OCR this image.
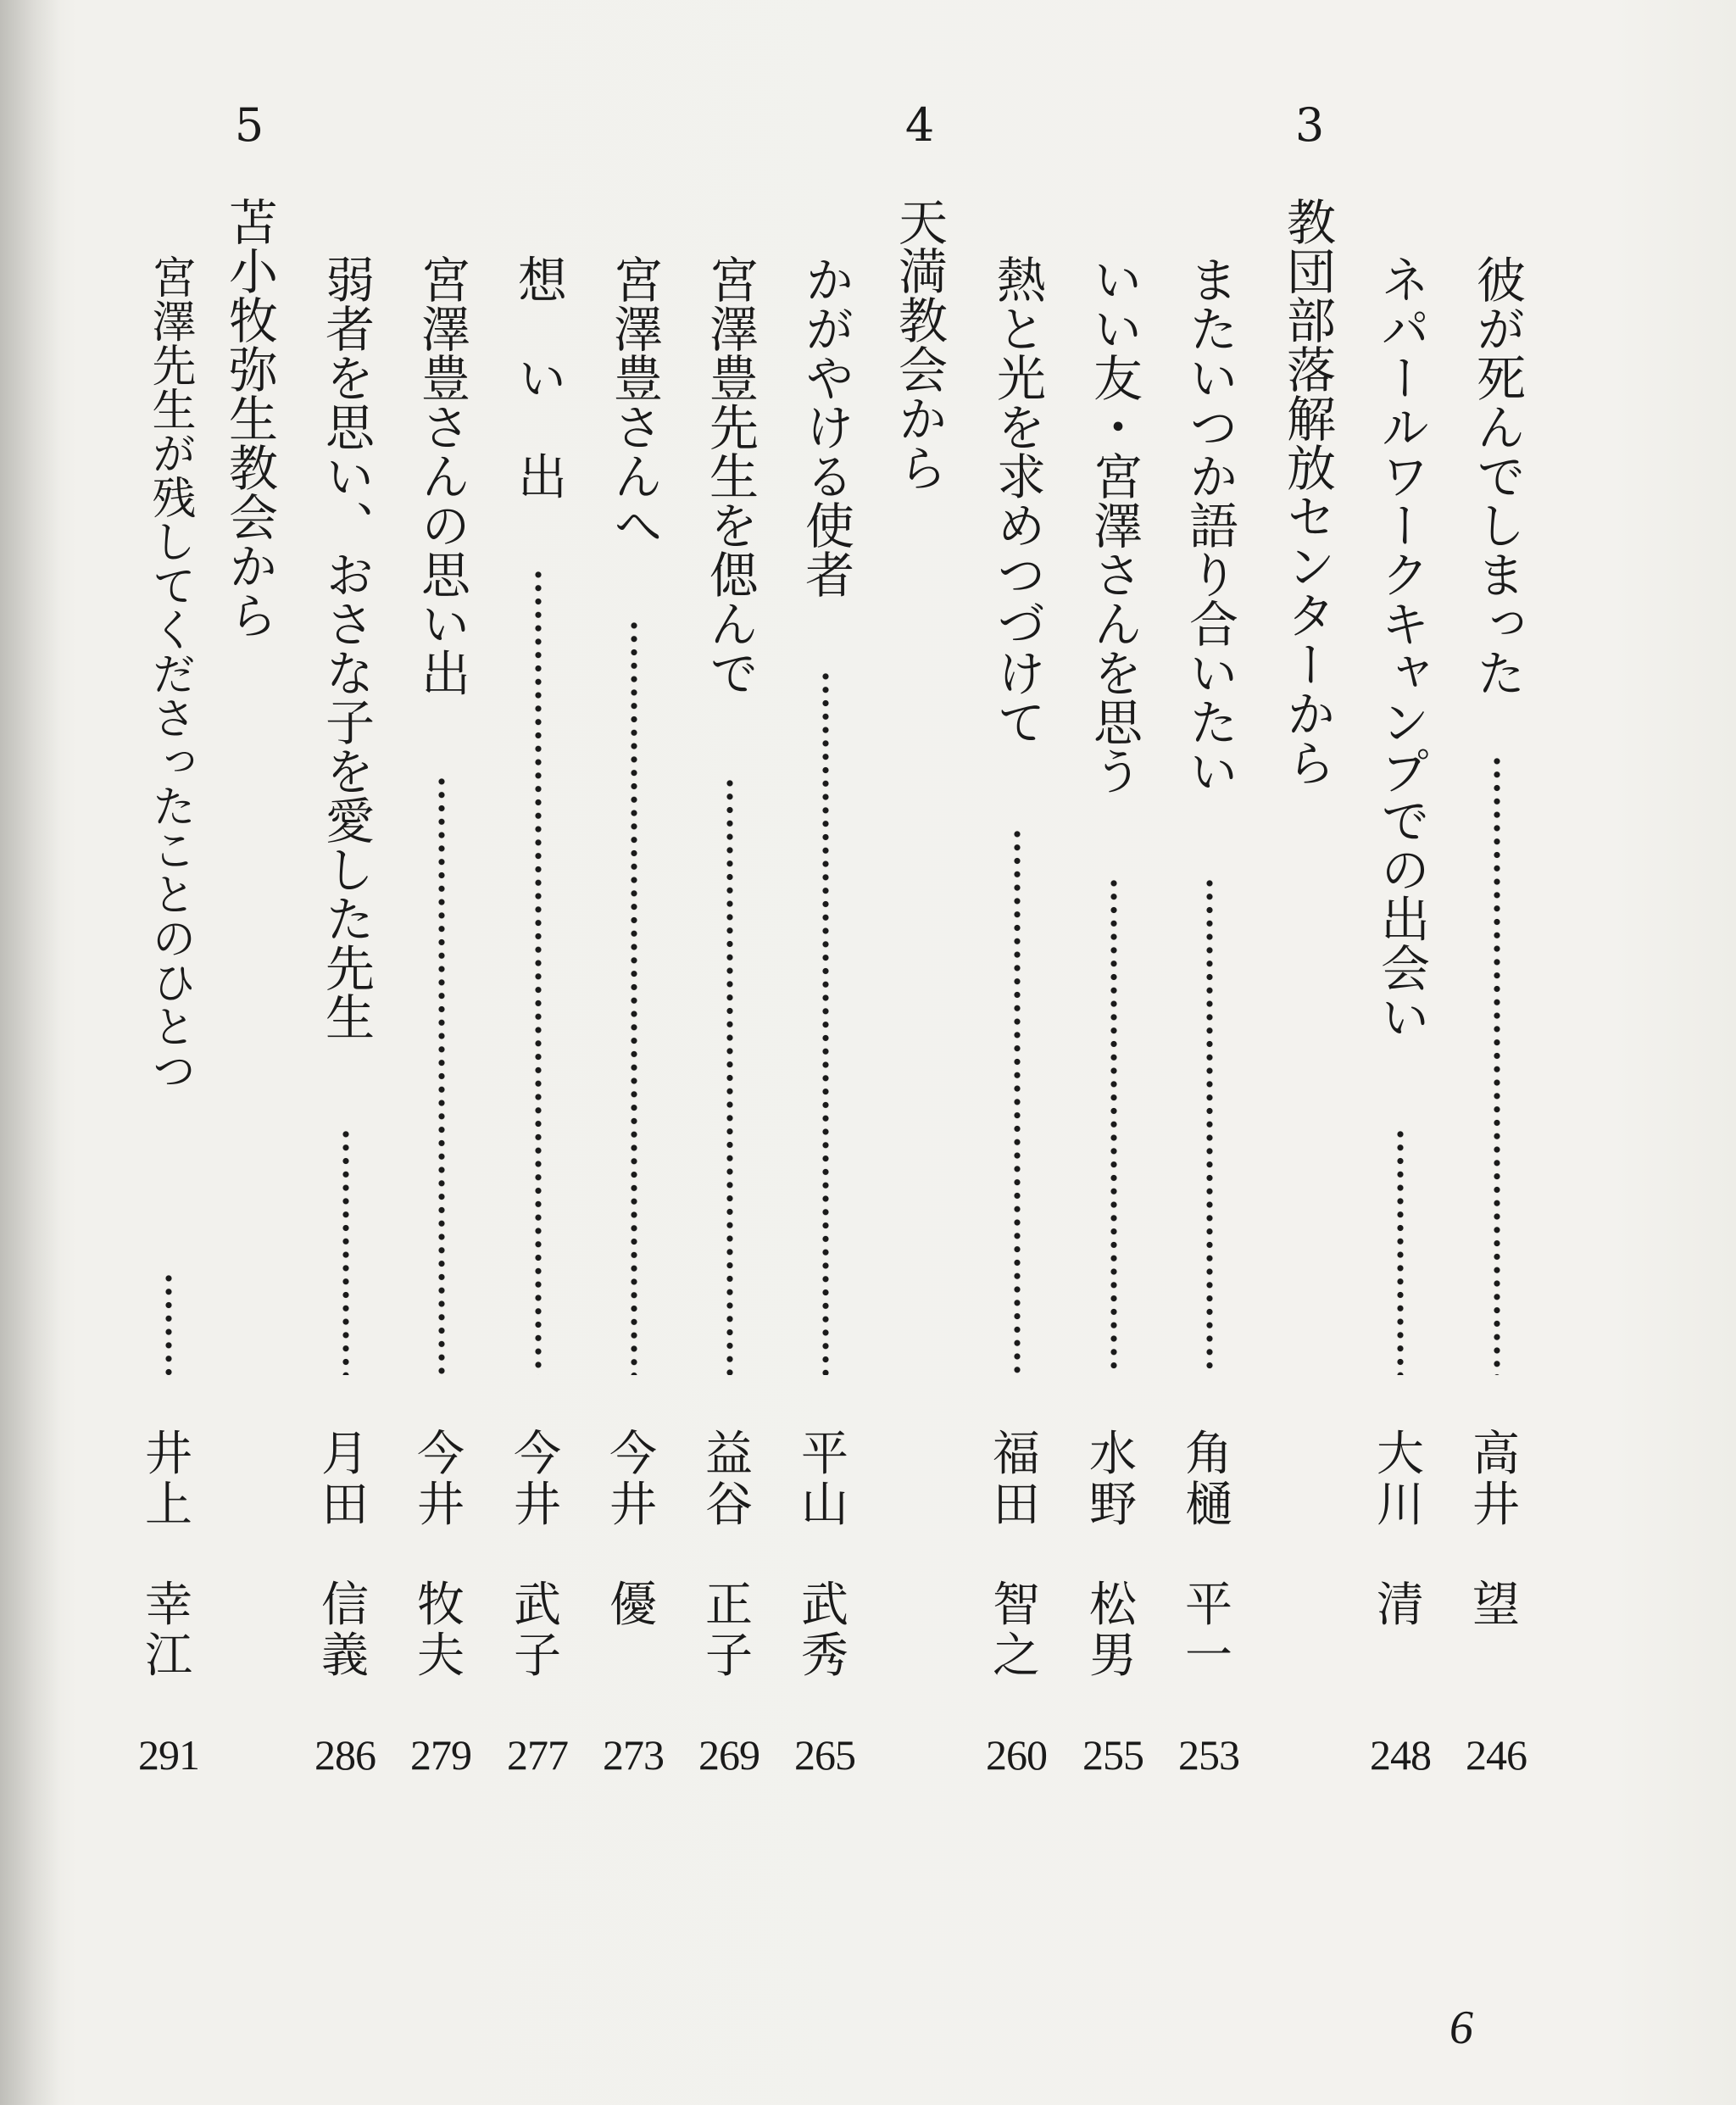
3
4
5
教団部落解放センターから
天満教会から
苫小牧弥生教会から	彼が死んでしまった
高
井
望
246
ネパールワークキャンプでの出会い
大
川
清
248
またいつか語り合いたい
角
樋
平
一
253
いい友・宮澤さんを思う
水
野
松
男
255
熱と光を求めつづけて
福
田
智
之
260
かがやける使者
平
山
武
秀
265
宮澤豊先生を偲んで
益
谷
正
子
269
宮澤豊さんへ
今
井
優
273
想　い　出
今
井
武
子
277
宮澤豊さんの思い出
今
井
牧
夫
279
弱者を思い、おさな子を愛した先生
月
田
信
義
286
宮澤先生が残してくださったことのひとつ
井
上
幸
江
291
6
